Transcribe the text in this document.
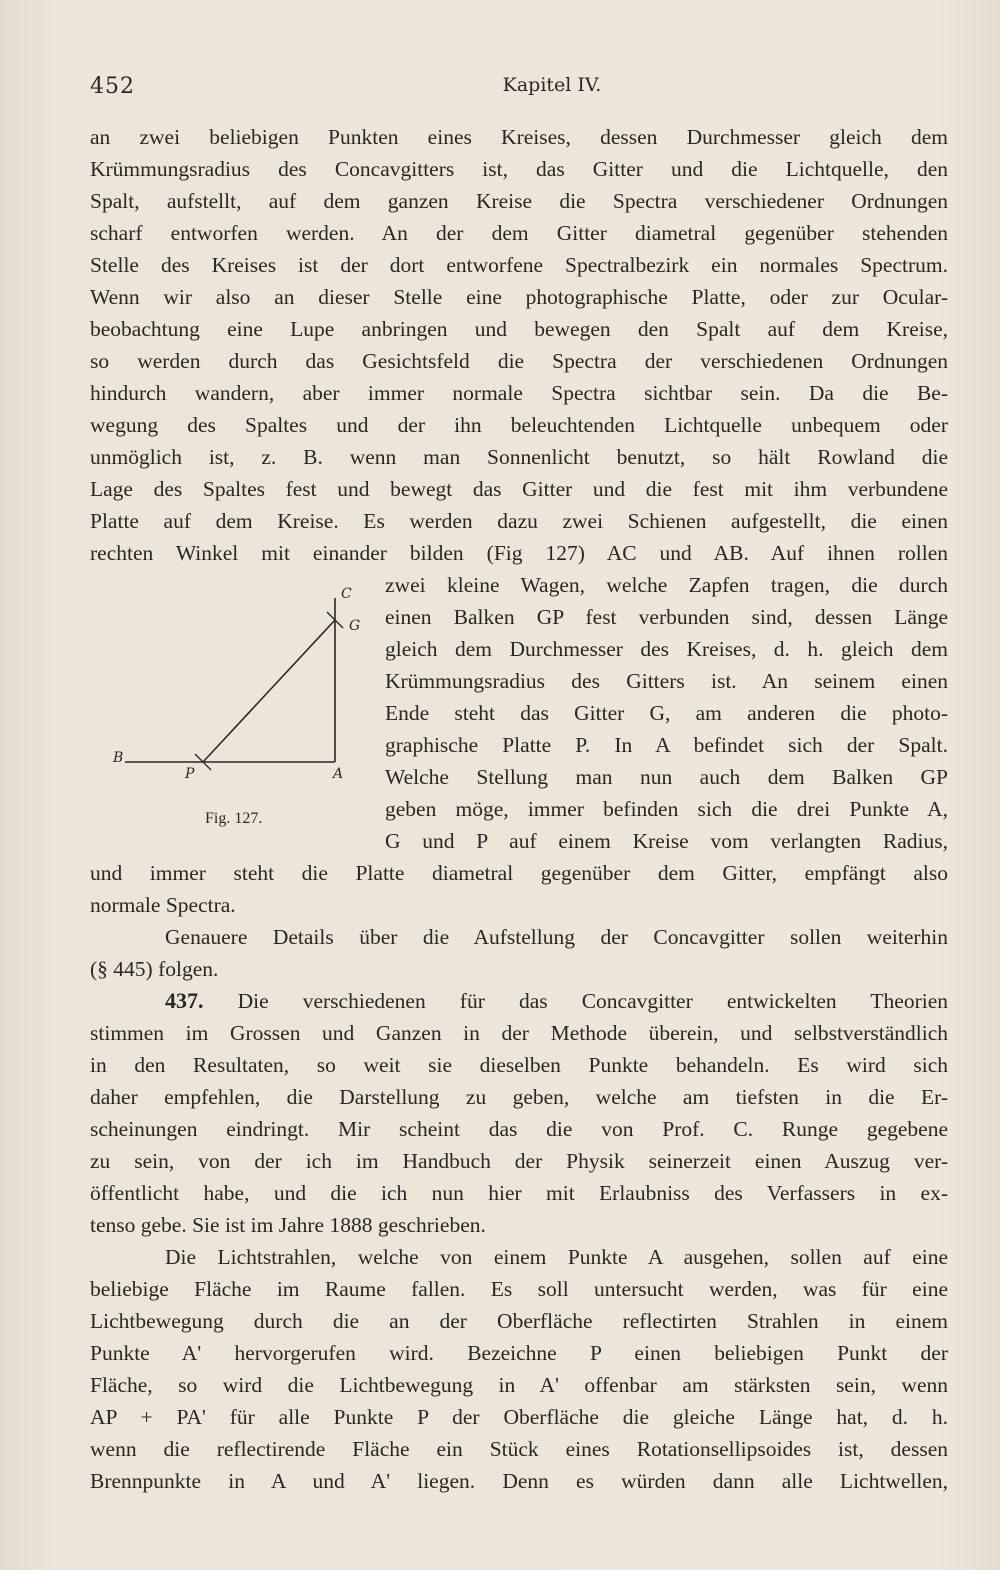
452	Kapitel IV.
an zwei beliebigen Punkten eines Kreises, dessen Durchmesser gleich dem
Krümmungsradius des Concavgitters ist, das Gitter und die Lichtquelle, den
Spalt, aufstellt, auf dem ganzen Kreise die Spectra verschiedener Ordnungen
scharf entworfen werden. An der dem Gitter diametral gegenüber stehenden
Stelle des Kreises ist der dort entworfene Spectralbezirk ein normales Spectrum.
Wenn wir also an dieser Stelle eine photographische Platte, oder zur Ocular-
beobachtung eine Lupe anbringen und bewegen den Spalt auf dem Kreise,
so werden durch das Gesichtsfeld die Spectra der verschiedenen Ordnungen
hindurch wandern, aber immer normale Spectra sichtbar sein. Da die Be-
wegung des Spaltes und der ihn beleuchtenden Lichtquelle unbequem oder
unmöglich ist, z. B. wenn man Sonnenlicht benutzt, so hält Rowland die
Lage des Spaltes fest und bewegt das Gitter und die fest mit ihm verbundene
Platte auf dem Kreise. Es werden dazu zwei Schienen aufgestellt, die einen
rechten Winkel mit einander bilden (Fig 127) AC und AB. Auf ihnen rollen
zwei kleine Wagen, welche Zapfen tragen, die durch
einen Balken GP fest verbunden sind, dessen Länge
gleich dem Durchmesser des Kreises, d. h. gleich dem
Krümmungsradius des Gitters ist. An seinem einen
Ende steht das Gitter G, am anderen die photo-
graphische Platte P. In A befindet sich der Spalt.
Welche Stellung man nun auch dem Balken GP
geben möge, immer befinden sich die drei Punkte A,
G und P auf einem Kreise vom verlangten Radius,
C
G
B
P	A
Fig. 127.
und immer steht die Platte diametral gegenüber dem Gitter, empfängt also
normale Spectra.
Genauere Details über die Aufstellung der Concavgitter sollen weiterhin
(§ 445) folgen.
437. Die verschiedenen für das Concavgitter entwickelten Theorien
stimmen im Grossen und Ganzen in der Methode überein, und selbstverständlich
in den Resultaten, so weit sie dieselben Punkte behandeln. Es wird sich
daher empfehlen, die Darstellung zu geben, welche am tiefsten in die Er-
scheinungen eindringt. Mir scheint das die von Prof. C. Runge gegebene
zu sein, von der ich im Handbuch der Physik seinerzeit einen Auszug ver-
öffentlicht habe, und die ich nun hier mit Erlaubniss des Verfassers in ex-
tenso gebe. Sie ist im Jahre 1888 geschrieben.
Die Lichtstrahlen, welche von einem Punkte A ausgehen, sollen auf eine
beliebige Fläche im Raume fallen. Es soll untersucht werden, was für eine
Lichtbewegung durch die an der Oberfläche reflectirten Strahlen in einem
Punkte A' hervorgerufen wird. Bezeichne P einen beliebigen Punkt der
Fläche, so wird die Lichtbewegung in A' offenbar am stärksten sein, wenn
AP + PA' für alle Punkte P der Oberfläche die gleiche Länge hat, d. h.
wenn die reflectirende Fläche ein Stück eines Rotationsellipsoides ist, dessen
Brennpunkte in A und A' liegen. Denn es würden dann alle Lichtwellen,
